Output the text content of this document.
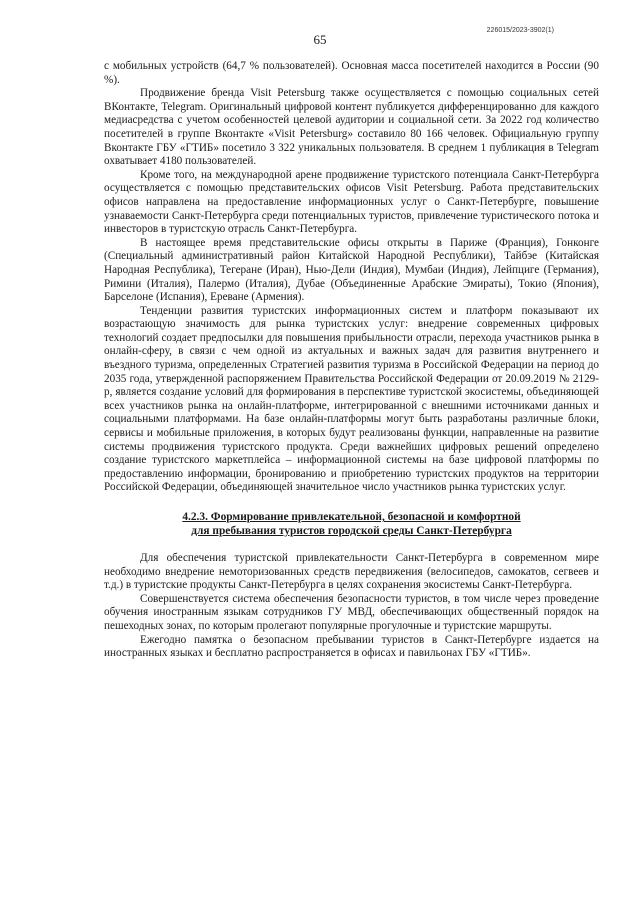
226015/2023-3902(1)
65

с мобильных устройств (64,7 % пользователей). Основная масса посетителей находится в России (90 %).

Продвижение бренда Visit Petersburg также осуществляется с помощью социальных сетей ВКонтакте, Telegram. Оригинальный цифровой контент публикуется дифференцированно для каждого медиасредства с учетом особенностей целевой аудитории и социальной сети. За 2022 год количество посетителей в группе Вконтакте «Visit Petersburg» составило 80 166 человек. Официальную группу Вконтакте ГБУ «ГТИБ» посетило 3 322 уникальных пользователя. В среднем 1 публикация в Telegram охватывает 4180 пользователей.

Кроме того, на международной арене продвижение туристского потенциала Санкт-Петербурга осуществляется с помощью представительских офисов Visit Petersburg. Работа представительских офисов направлена на предоставление информационных услуг о Санкт-Петербурге, повышение узнаваемости Санкт-Петербурга среди потенциальных туристов, привлечение туристического потока и инвесторов в туристскую отрасль Санкт-Петербурга.

В настоящее время представительские офисы открыты в Париже (Франция), Гонконге (Специальный административный район Китайской Народной Республики), Тайбэе (Китайская Народная Республика), Тегеране (Иран), Нью-Дели (Индия), Мумбаи (Индия), Лейпциге (Германия), Римини (Италия), Палермо (Италия), Дубае (Объединенные Арабские Эмираты), Токио (Япония), Барселоне (Испания), Ереване (Армения).

Тенденции развития туристских информационных систем и платформ показывают их возрастающую значимость для рынка туристских услуг: внедрение современных цифровых технологий создает предпосылки для повышения прибыльности отрасли, перехода участников рынка в онлайн-сферу, в связи с чем одной из актуальных и важных задач для развития внутреннего и въездного туризма, определенных Стратегией развития туризма в Российской Федерации на период до 2035 года, утвержденной распоряжением Правительства Российской Федерации от 20.09.2019 № 2129-р, является создание условий для формирования в перспективе туристской экосистемы, объединяющей всех участников рынка на онлайн-платформе, интегрированной с внешними источниками данных и социальными платформами. На базе онлайн-платформы могут быть разработаны различные блоки, сервисы и мобильные приложения, в которых будут реализованы функции, направленные на развитие системы продвижения туристского продукта. Среди важнейших цифровых решений определено создание туристского маркетплейса – информационной системы на базе цифровой платформы по предоставлению информации, бронированию и приобретению туристских продуктов на территории Российской Федерации, объединяющей значительное число участников рынка туристских услуг.

4.2.3. Формирование привлекательной, безопасной и комфортной
для пребывания туристов городской среды Санкт-Петербурга

Для обеспечения туристской привлекательности Санкт-Петербурга в современном мире необходимо внедрение немоторизованных средств передвижения (велосипедов, самокатов, сегвеев и т.д.) в туристские продукты Санкт-Петербурга в целях сохранения экосистемы Санкт-Петербурга.

Совершенствуется система обеспечения безопасности туристов, в том числе через проведение обучения иностранным языкам сотрудников ГУ МВД, обеспечивающих общественный порядок на пешеходных зонах, по которым пролегают популярные прогулочные и туристские маршруты.

Ежегодно памятка о безопасном пребывании туристов в Санкт-Петербурге издается на иностранных языках и бесплатно распространяется в офисах и павильонах ГБУ «ГТИБ».
